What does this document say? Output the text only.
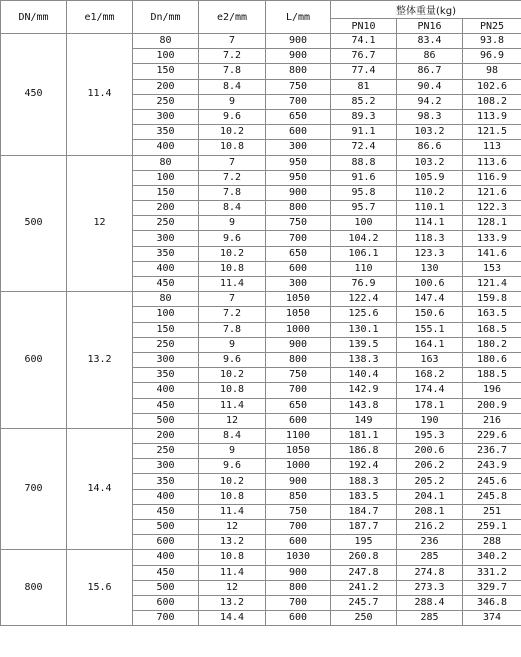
DN/mm	e1/mm	Dn/mm	e2/mm	L/mm	整体重量(kg)		
					PN10	PN16	PN25
450	11.4	80	7	900	74.1	83.4	93.8
		100	7.2	900	76.7	86	96.9
		150	7.8	800	77.4	86.7	98
		200	8.4	750	81	90.4	102.6
		250	9	700	85.2	94.2	108.2
		300	9.6	650	89.3	98.3	113.9
		350	10.2	600	91.1	103.2	121.5
		400	10.8	300	72.4	86.6	113
500	12	80	7	950	88.8	103.2	113.6
		100	7.2	950	91.6	105.9	116.9
		150	7.8	900	95.8	110.2	121.6
		200	8.4	800	95.7	110.1	122.3
		250	9	750	100	114.1	128.1
		300	9.6	700	104.2	118.3	133.9
		350	10.2	650	106.1	123.3	141.6
		400	10.8	600	110	130	153
		450	11.4	300	76.9	100.6	121.4
600	13.2	80	7	1050	122.4	147.4	159.8
		100	7.2	1050	125.6	150.6	163.5
		150	7.8	1000	130.1	155.1	168.5
		250	9	900	139.5	164.1	180.2
		300	9.6	800	138.3	163	180.6
		350	10.2	750	140.4	168.2	188.5
		400	10.8	700	142.9	174.4	196
		450	11.4	650	143.8	178.1	200.9
		500	12	600	149	190	216
700	14.4	200	8.4	1100	181.1	195.3	229.6
		250	9	1050	186.8	200.6	236.7
		300	9.6	1000	192.4	206.2	243.9
		350	10.2	900	188.3	205.2	245.6
		400	10.8	850	183.5	204.1	245.8
		450	11.4	750	184.7	208.1	251
		500	12	700	187.7	216.2	259.1
		600	13.2	600	195	236	288
800	15.6	400	10.8	1030	260.8	285	340.2
		450	11.4	900	247.8	274.8	331.2
		500	12	800	241.2	273.3	329.7
		600	13.2	700	245.7	288.4	346.8
		700	14.4	600	250	285	374
